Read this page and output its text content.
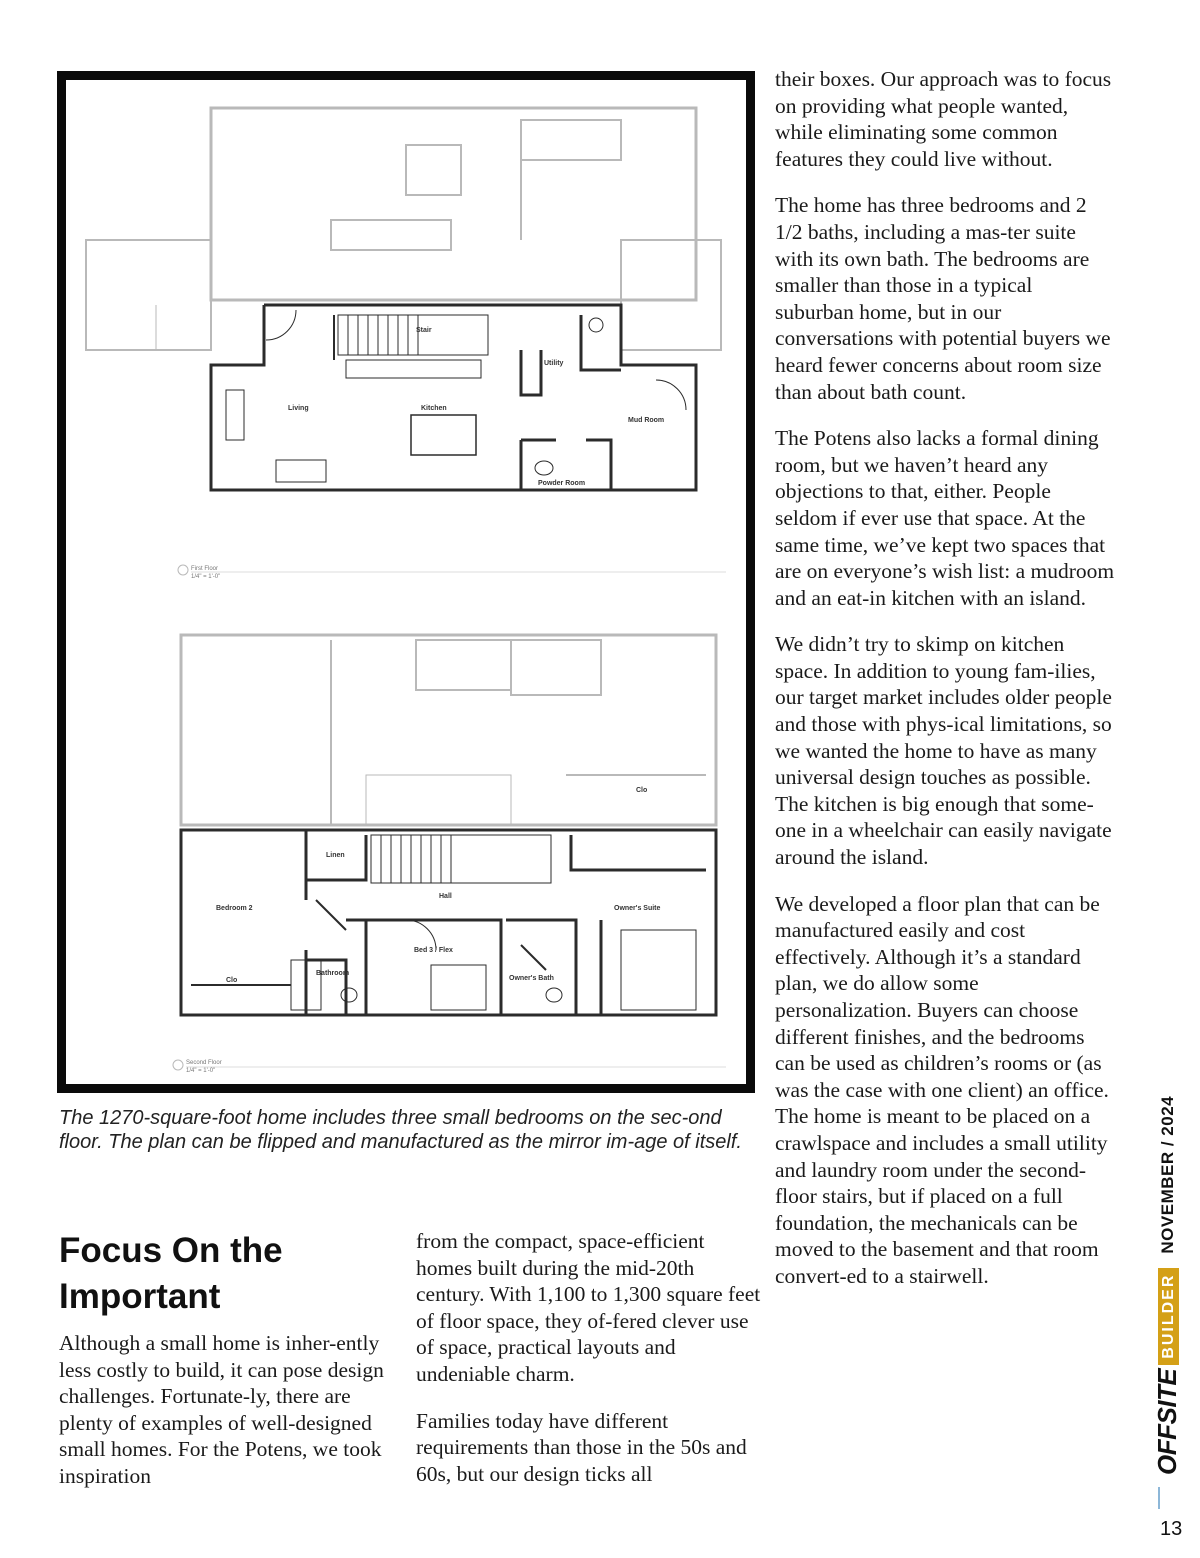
Stair
Utility
Living	Kitchen
Mud Room
Powder Room
First Floor
1/4" = 1'-0"
Clo
Linen
Hall
Bedroom 2	Owner's Suite
Bed 3 / Flex
Owner's Bath
Bathroom
Clo
Second Floor
1/4" = 1'-0"
The 1270-square-foot home includes three small bedrooms on the sec-ond floor. The plan can be flipped and manufactured as the mirror im-age of itself.
Focus On the Important

Although a small home is inher-ently less costly to build, it can pose design challenges. Fortunate-ly, there are plenty of examples of well-designed small homes. For the Potens, we took inspiration

from the compact, space-efficient homes built during the mid-20th century. With 1,100 to 1,300 square feet of floor space, they of-fered clever use of space, practical layouts and undeniable charm.

Families today have different requirements than those in the 50s and 60s, but our design ticks all

their boxes. Our approach was to focus on providing what people wanted, while eliminating some common features they could live without.

The home has three bedrooms and 2 1/2 baths, including a mas-ter suite with its own bath. The bedrooms are smaller than those in a typical suburban home, but in our conversations with potential buyers we heard fewer concerns about room size than about bath count.

The Potens also lacks a formal dining room, but we haven’t heard any objections to that, either. People seldom if ever use that space. At the same time, we’ve kept two spaces that are on everyone’s wish list: a mudroom and an eat-in kitchen with an island.

We didn’t try to skimp on kitchen space. In addition to young fam-ilies, our target market includes older people and those with phys-ical limitations, so we wanted the home to have as many universal design touches as possible. The kitchen is big enough that some-one in a wheelchair can easily navigate around the island.

We developed a floor plan that can be manufactured easily and cost effectively. Although it’s a standard plan, we do allow some personalization. Buyers can choose different finishes, and the bedrooms can be used as children’s rooms or (as was the case with one client) an office. The home is meant to be placed on a crawlspace and includes a small utility and laundry room under the second-floor stairs, but if placed on a full foundation, the mechanicals can be moved to the basement and that room convert-ed to a stairwell.

OFFSITEBUILDERNOVEMBER / 2024
13
